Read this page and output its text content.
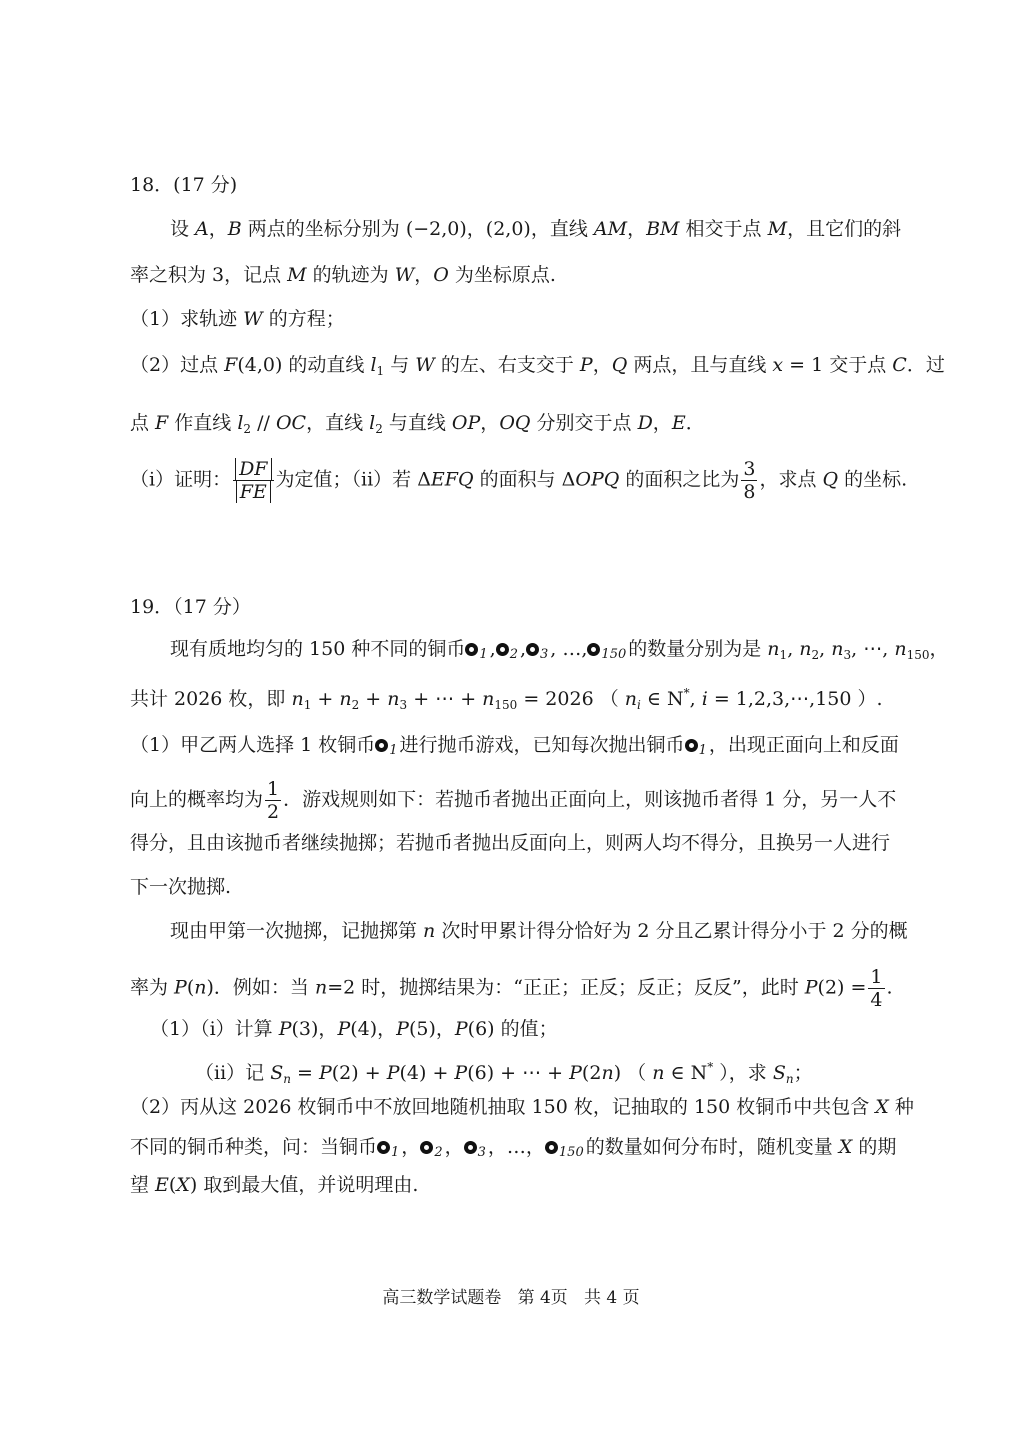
18．(17 分)
设 A，B 两点的坐标分别为 (−2,0)，(2,0)，直线 AM，BM 相交于点 M，且它们的斜
率之积为 3，记点 M 的轨迹为 W，O 为坐标原点.
（1）求轨迹 W 的方程；
（2）过点 F(4,0) 的动直线 $l_1$ 与 W 的左、右支交于 P，Q 两点，且与直线 x = 1 交于点 C．过
点 F 作直线 $l_2$ // OC，直线 $l_2$ 与直线 OP，OQ 分别交于点 D，E．
（i）证明： $\frac{DF}{FE}$ 为定值；（ii）若 ΔEFQ 的面积与 ΔOPQ 的面积之比为 $\frac{3}{8}$ ，求点 Q 的坐标.
19．（17 分）
现有质地均匀的 150 种不同的铜币 1 , 2 , 3 , …, 150 的数量分别为是 $n_1$, $n_2$, $n_3$, ⋯, $n_{150}$，
共计 2026 枚，即 $n_1 + n_2 + n_3$ + ⋯ + $n_{150} = 2026$ （ $n_i$ ∈ N*, i = 1,2,3,⋯,150 ）.
（1）甲乙两人选择 1 枚铜币 1 进行抛币游戏，已知每次抛出铜币 1 ，出现正面向上和反面
向上的概率均为 $\frac{1}{2}$ ．游戏规则如下：若抛币者抛出正面向上，则该抛币者得 1 分，另一人不
得分，且由该抛币者继续抛掷；若抛币者抛出反面向上，则两人均不得分，且换另一人进行
下一次抛掷.
现由甲第一次抛掷，记抛掷第 n 次时甲累计得分恰好为 2 分且乙累计得分小于 2 分的概
率为 P(n)．例如：当 n=2 时，抛掷结果为：“正正；正反；反正；反反”，此时 $P(2) = \frac{1}{4}$ .
（1）（i）计算 P(3)，P(4)，P(5)，P(6) 的值；
（ii）记 $S_n = P(2) + P(4) + P(6)$ + ⋯ + P(2n) （ n ∈ N* ），求 $S_n$；
（2）丙从这 2026 枚铜币中不放回地随机抽取 150 枚，记抽取的 150 枚铜币中共包含 X 种
不同的铜币种类，问：当铜币 1 ， 2 ， 3 ，…， 150 的数量如何分布时，随机变量 X 的期
望 E(X) 取到最大值，并说明理由.
高三数学试题卷   第 4页   共 4 页
